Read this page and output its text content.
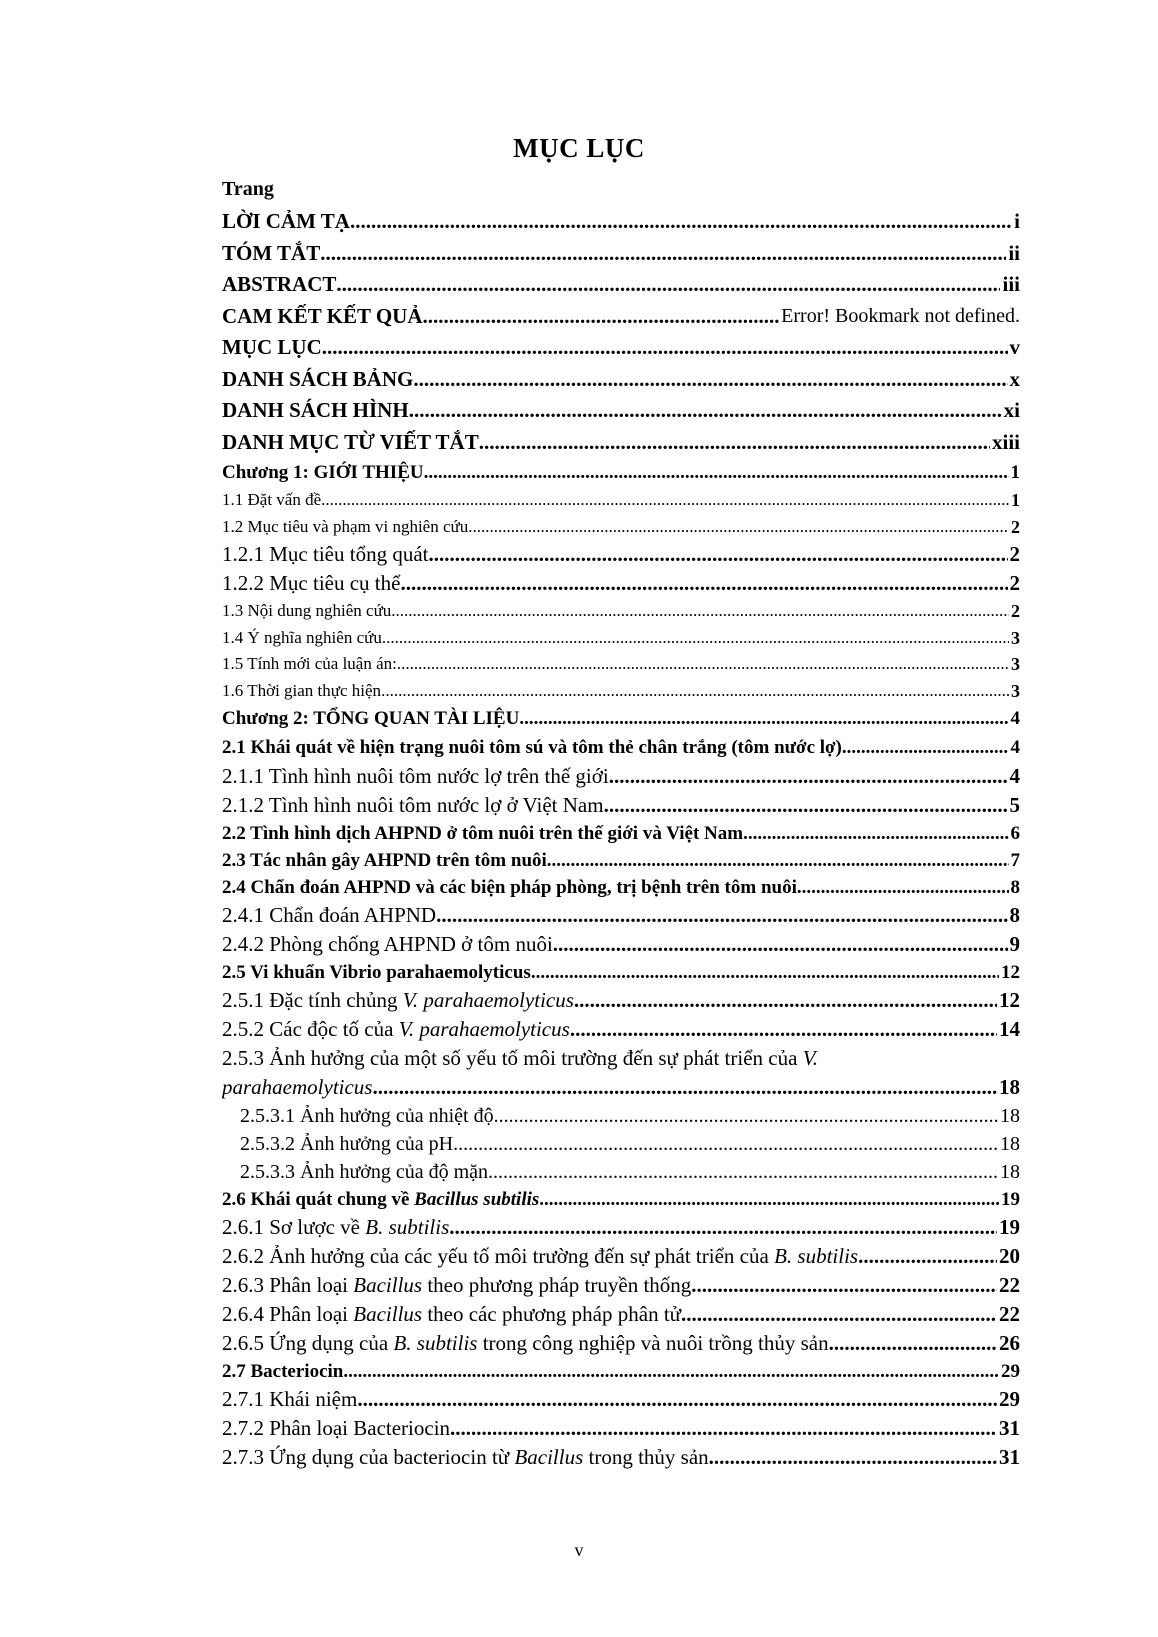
MỤC LỤC
Trang
LỜI CẢM TẠ .....	i
TÓM TẮT .....	ii
ABSTRACT .....	iii
CAM KẾT KẾT QUẢ .....	Error! Bookmark not defined.
MỤC LỤC .....	v
DANH SÁCH BẢNG .....	x
DANH SÁCH HÌNH .....	xi
DANH MỤC TỪ VIẾT TẮT .....	xiii
Chương 1: GIỚI THIỆU .....	1
1.1 Đặt vấn đề .....	1
1.2 Mục tiêu và phạm vi nghiên cứu .....	2
1.2.1 Mục tiêu tổng quát .....	2
1.2.2 Mục tiêu cụ thể .....	2
1.3 Nội dung nghiên cứu .....	2
1.4 Ý nghĩa nghiên cứu .....	3
1.5 Tính mới của luận án: .....	3
1.6 Thời gian thực hiện .....	3
Chương 2: TỔNG QUAN TÀI LIỆU .....	4
2.1 Khái quát về hiện trạng nuôi tôm sú và tôm thẻ chân trắng (tôm nước lợ) .....	4
2.1.1 Tình hình nuôi tôm nước lợ trên thế giới .....	4
2.1.2 Tình hình nuôi tôm nước lợ ở Việt Nam .....	5
2.2 Tình hình dịch AHPND ở tôm nuôi trên thế giới và Việt Nam .....	6
2.3 Tác nhân gây AHPND trên tôm nuôi .....	7
2.4 Chẩn đoán AHPND và các biện pháp phòng, trị bệnh trên tôm nuôi .....	8
2.4.1 Chẩn đoán AHPND .....	8
2.4.2 Phòng chống AHPND ở tôm nuôi .....	9
2.5 Vi khuẩn Vibrio parahaemolyticus .....	12
2.5.1 Đặc tính chủng V. parahaemolyticus .....	12
2.5.2 Các độc tố của V. parahaemolyticus .....	14
2.5.3 Ảnh hưởng của một số yếu tố môi trường đến sự phát triển của V.
parahaemolyticus .....	18
2.5.3.1 Ảnh hưởng của nhiệt độ .....	18
2.5.3.2 Ảnh hưởng của pH .....	18
2.5.3.3 Ảnh hưởng của độ mặn .....	18
2.6 Khái quát chung về Bacillus subtilis .....	19
2.6.1 Sơ lược về B. subtilis .....	19
2.6.2 Ảnh hưởng của các yếu tố môi trường đến sự phát triển của B. subtilis .....	20
2.6.3 Phân loại Bacillus theo phương pháp truyền thống .....	22
2.6.4 Phân loại Bacillus theo các phương pháp phân tử .....	22
2.6.5 Ứng dụng của B. subtilis trong công nghiệp và nuôi trồng thủy sản .....	26
2.7 Bacteriocin .....	29
2.7.1 Khái niệm .....	29
2.7.2 Phân loại Bacteriocin .....	31
2.7.3 Ứng dụng của bacteriocin từ Bacillus trong thủy sản .....	31
v
